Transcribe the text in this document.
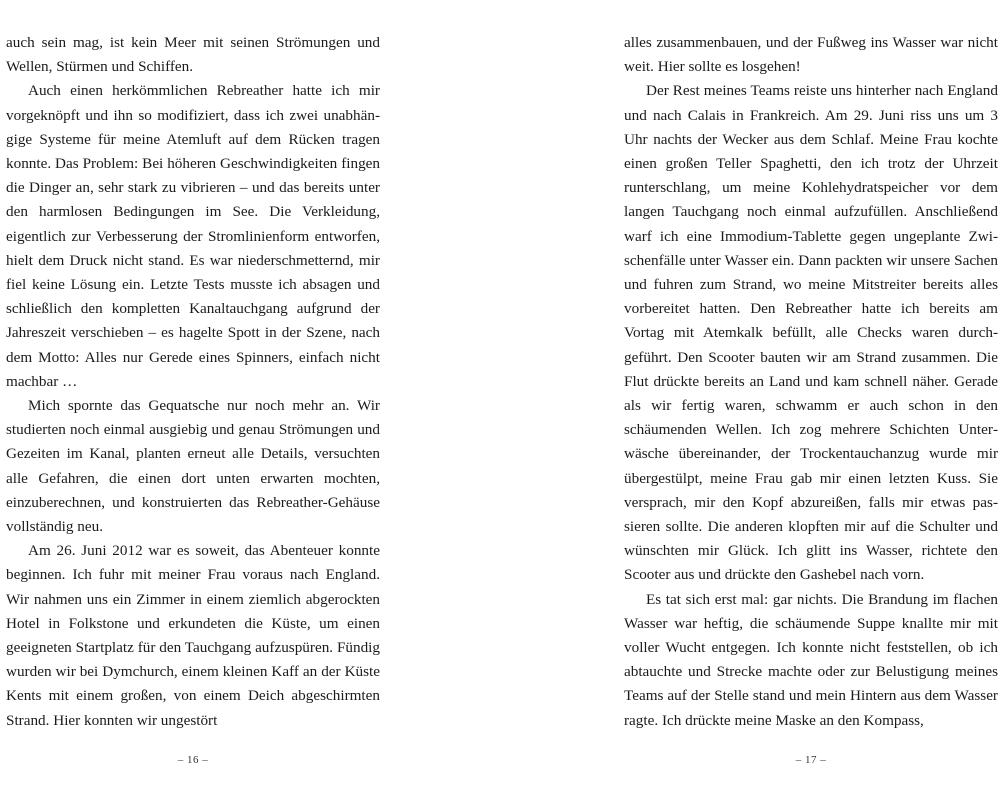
auch sein mag, ist kein Meer mit seinen Strömungen und Wellen, Stürmen und Schiffen.

Auch einen herkömmlichen Rebreather hatte ich mir vorgeknöpft und ihn so modifiziert, dass ich zwei unabhängige Systeme für meine Atemluft auf dem Rücken tragen konnte. Das Problem: Bei höheren Geschwindigkeiten fingen die Dinger an, sehr stark zu vibrieren – und das bereits unter den harmlosen Bedingungen im See. Die Verkleidung, eigentlich zur Verbesserung der Stromlinienform entworfen, hielt dem Druck nicht stand. Es war niederschmetternd, mir fiel keine Lösung ein. Letzte Tests musste ich absagen und schließlich den kompletten Kanaltauchgang aufgrund der Jahreszeit verschieben – es hagelte Spott in der Szene, nach dem Motto: Alles nur Gerede eines Spinners, einfach nicht machbar …

Mich spornte das Gequatsche nur noch mehr an. Wir studierten noch einmal ausgiebig und genau Strömungen und Gezeiten im Kanal, planten erneut alle Details, versuchten alle Gefahren, die einen dort unten erwarten mochten, einzuberechnen, und konstruierten das Rebreather-Gehäuse vollständig neu.

Am 26. Juni 2012 war es soweit, das Abenteuer konnte beginnen. Ich fuhr mit meiner Frau voraus nach England. Wir nahmen uns ein Zimmer in einem ziemlich abgerockten Hotel in Folkstone und erkundeten die Küste, um einen geeigneten Startplatz für den Tauchgang aufzuspüren. Fündig wurden wir bei Dymchurch, einem kleinen Kaff an der Küste Kents mit einem großen, von einem Deich abgeschirmten Strand. Hier konnten wir ungestört

– 16 –

alles zusammenbauen, und der Fußweg ins Wasser war nicht weit. Hier sollte es losgehen!

Der Rest meines Teams reiste uns hinterher nach England und nach Calais in Frankreich. Am 29. Juni riss uns um 3 Uhr nachts der Wecker aus dem Schlaf. Meine Frau kochte einen großen Teller Spaghetti, den ich trotz der Uhrzeit runterschlang, um meine Kohlehydratspeicher vor dem langen Tauchgang noch einmal aufzufüllen. Anschließend warf ich eine Immodium-Tablette gegen ungeplante Zwischenfälle unter Wasser ein. Dann packten wir unsere Sachen und fuhren zum Strand, wo meine Mitstreiter bereits alles vorbereitet hatten. Den Rebreather hatte ich bereits am Vortag mit Atemkalk befüllt, alle Checks waren durchgeführt. Den Scooter bauten wir am Strand zusammen. Die Flut drückte bereits an Land und kam schnell näher. Gerade als wir fertig waren, schwamm er auch schon in den schäumenden Wellen. Ich zog mehrere Schichten Unterwäsche übereinander, der Trockentauchanzug wurde mir übergestülpt, meine Frau gab mir einen letzten Kuss. Sie versprach, mir den Kopf abzureißen, falls mir etwas passieren sollte. Die anderen klopften mir auf die Schulter und wünschten mir Glück. Ich glitt ins Wasser, richtete den Scooter aus und drückte den Gashebel nach vorn.

Es tat sich erst mal: gar nichts. Die Brandung im flachen Wasser war heftig, die schäumende Suppe knallte mir mit voller Wucht entgegen. Ich konnte nicht feststellen, ob ich abtauchte und Strecke machte oder zur Belustigung meines Teams auf der Stelle stand und mein Hintern aus dem Wasser ragte. Ich drückte meine Maske an den Kompass,

– 17 –
